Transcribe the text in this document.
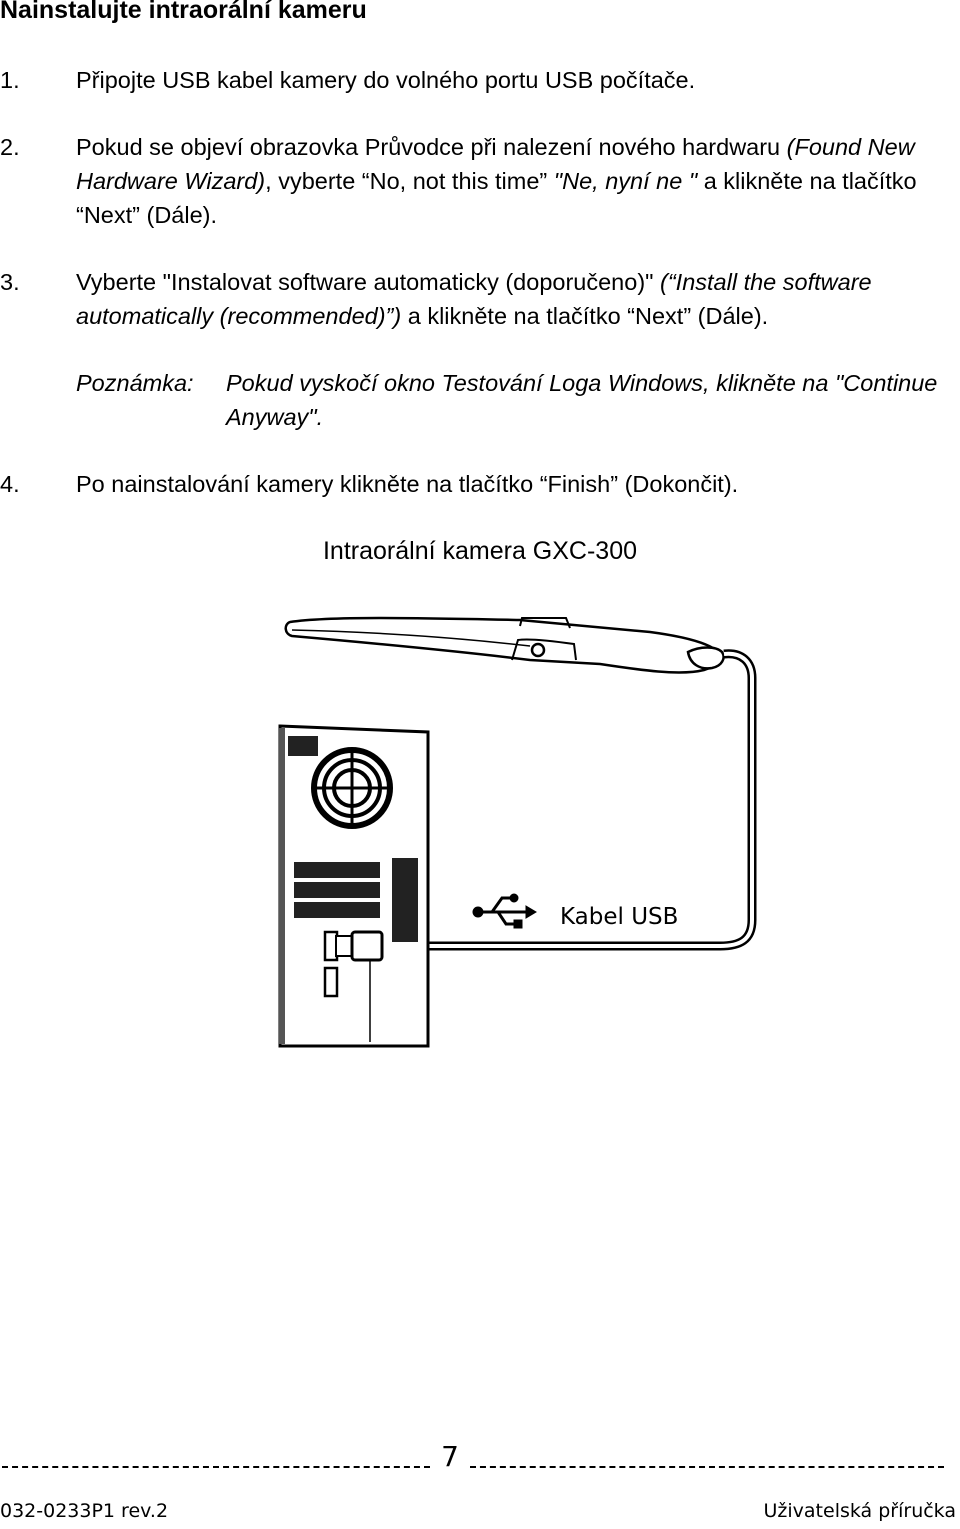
Nainstalujte intraorální kameru
1. Připojte USB kabel kamery do volného portu USB počítače.
2. Pokud se objeví obrazovka Průvodce při nalezení nového hardwaru (Found New Hardware Wizard), vyberte “No, not this time” "Ne, nyní ne " a klikněte na tlačítko “Next” (Dále).
3. Vyberte "Instalovat software automaticky (doporučeno)" (“Install the software automatically (recommended)”) a klikněte na tlačítko “Next” (Dále).
Poznámka: Pokud vyskočí okno Testování Loga Windows, klikněte na "Continue Anyway".
4. Po nainstalování kamery klikněte na tlačítko “Finish” (Dokončit).
Intraorální kamera GXC-300
Kabel USB
7
032-0233P1 rev.2	Uživatelská příručka
